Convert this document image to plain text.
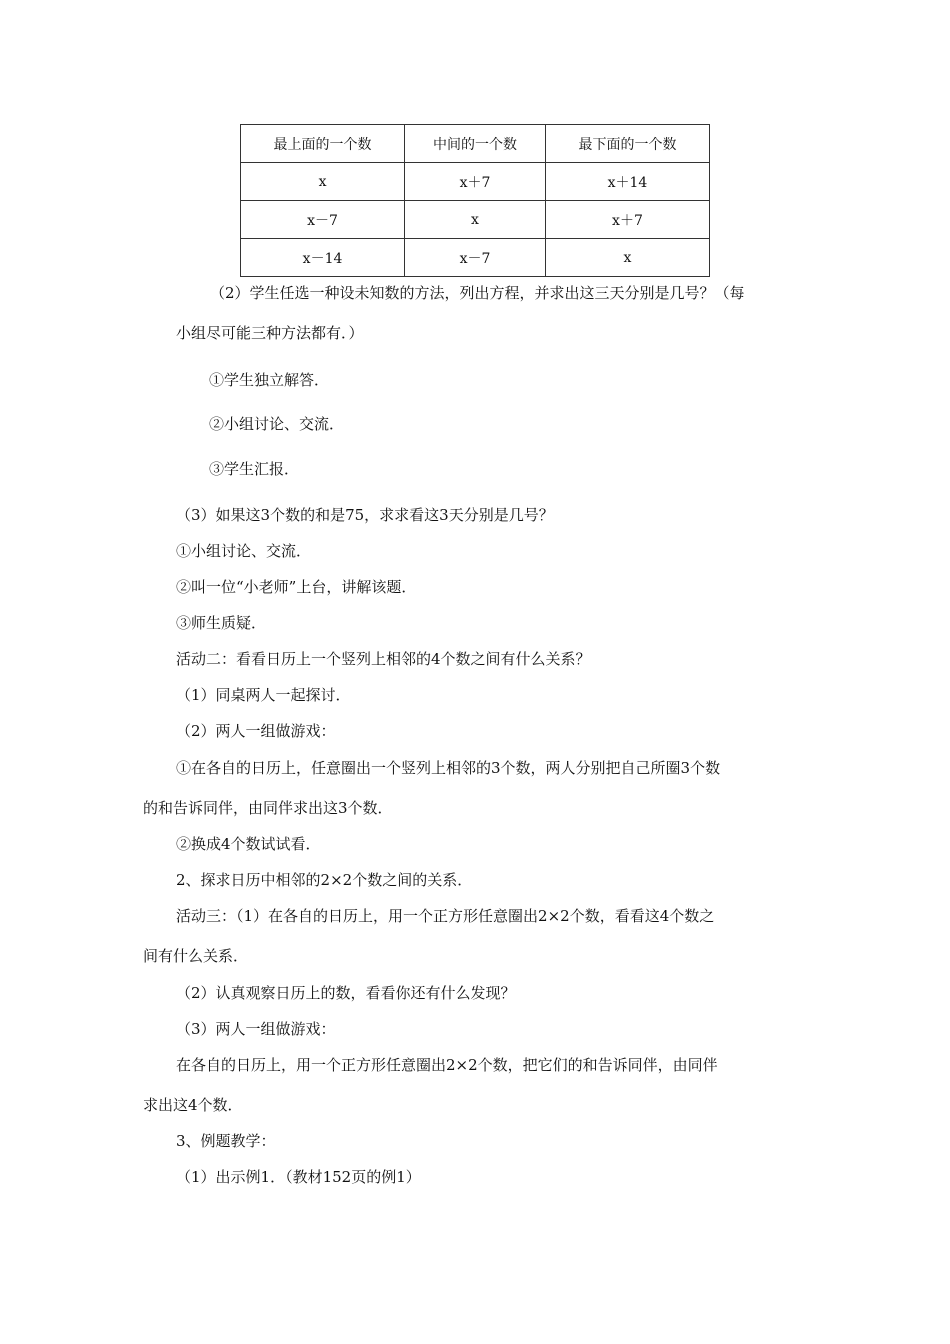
最上面的一个数	中间的一个数	最下面的一个数
x	x＋7	x＋14
x－7	x	x＋7
x－14	x－7	x
（2）学生任选一种设未知数的方法，列出方程，并求出这三天分别是几号？（每
小组尽可能三种方法都有．）
①学生独立解答．
②小组讨论、交流．
③学生汇报．
（3）如果这3个数的和是75，求求看这3天分别是几号？
①小组讨论、交流．
②叫一位“小老师”上台，讲解该题．
③师生质疑．
活动二：看看日历上一个竖列上相邻的4个数之间有什么关系？
（1）同桌两人一起探讨．
（2）两人一组做游戏：
①在各自的日历上，任意圈出一个竖列上相邻的3个数，两人分别把自己所圈3个数
的和告诉同伴，由同伴求出这3个数．
②换成4个数试试看．
2、探求日历中相邻的2×2个数之间的关系．
活动三：（1）在各自的日历上，用一个正方形任意圈出2×2个数，看看这4个数之
间有什么关系．
（2）认真观察日历上的数，看看你还有什么发现？
（3）两人一组做游戏：
在各自的日历上，用一个正方形任意圈出2×2个数，把它们的和告诉同伴，由同伴
求出这4个数．
3、例题教学：
（1）出示例1．（教材152页的例1）
